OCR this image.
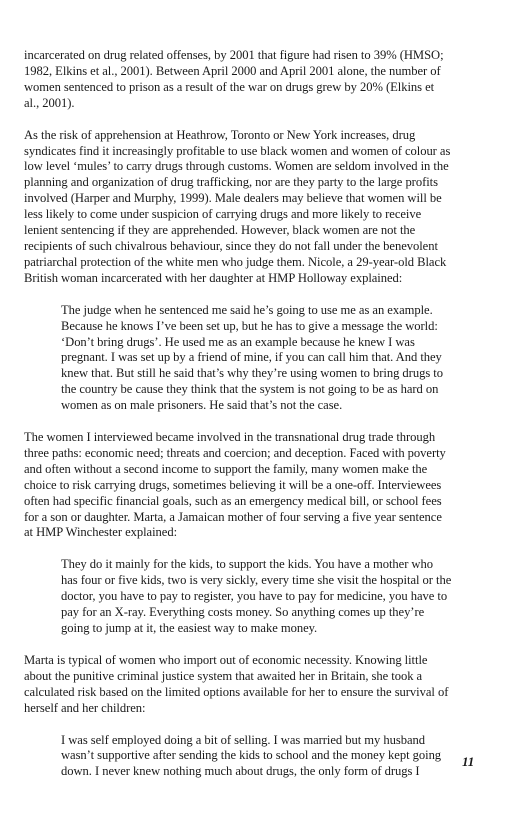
incarcerated on drug related offenses, by 2001 that figure had risen to 39% (HMSO;
1982, Elkins et al., 2001). Between April 2000 and April 2001 alone, the number of
women sentenced to prison as a result of the war on drugs grew by 20% (Elkins et
al., 2001).
As the risk of apprehension at Heathrow, Toronto or New York increases, drug
syndicates find it increasingly profitable to use black women and women of colour as
low level ‘mules’ to carry drugs through customs. Women are seldom involved in the
planning and organization of drug trafficking, nor are they party to the large profits
involved (Harper and Murphy, 1999). Male dealers may believe that women will be
less likely to come under suspicion of carrying drugs and more likely to receive
lenient sentencing if they are apprehended. However, black women are not the
recipients of such chivalrous behaviour, since they do not fall under the benevolent
patriarchal protection of the white men who judge them. Nicole, a 29-year-old Black
British woman incarcerated with her daughter at HMP Holloway explained:
The judge when he sentenced me said he’s going to use me as an example.
Because he knows I’ve been set up, but he has to give a message the world:
‘Don’t bring drugs’. He used me as an example because he knew I was
pregnant. I was set up by a friend of mine, if you can call him that. And they
knew that. But still he said that’s why they’re using women to bring drugs to
the country be cause they think that the system is not going to be as hard on
women as on male prisoners. He said that’s not the case.
The women I interviewed became involved in the transnational drug trade through
three paths: economic need; threats and coercion; and deception. Faced with poverty
and often without a second income to support the family, many women make the
choice to risk carrying drugs, sometimes believing it will be a one-off. Interviewees
often had specific financial goals, such as an emergency medical bill, or school fees
for a son or daughter. Marta, a Jamaican mother of four serving a five year sentence
at HMP Winchester explained:
They do it mainly for the kids, to support the kids. You have a mother who
has four or five kids, two is very sickly, every time she visit the hospital or the
doctor, you have to pay to register, you have to pay for medicine, you have to
pay for an X-ray. Everything costs money. So anything comes up they’re
going to jump at it, the easiest way to make money.
Marta is typical of women who import out of economic necessity. Knowing little
about the punitive criminal justice system that awaited her in Britain, she took a
calculated risk based on the limited options available for her to ensure the survival of
herself and her children:
I was self employed doing a bit of selling. I was married but my husband
wasn’t supportive after sending the kids to school and the money kept going
down. I never knew nothing much about drugs, the only form of drugs I
11
